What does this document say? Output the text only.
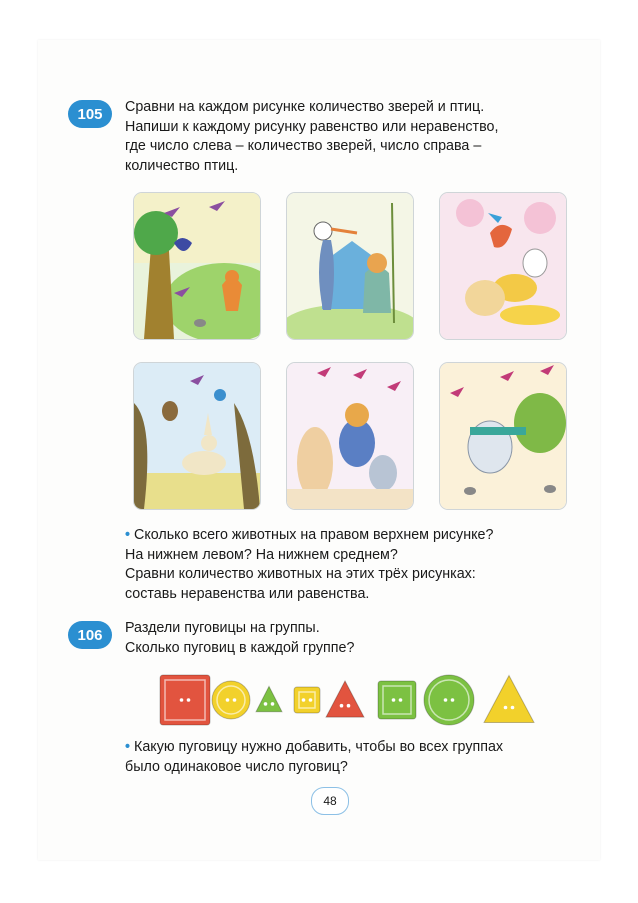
105	Сравни на каждом рисунке количество зверей и птиц.

Напиши к каждому рисунку равенство или неравенство,

где число слева – количество зверей, число справа –

количество птиц.

• Сколько всего животных на правом верхнем рисунке?

На нижнем левом? На нижнем среднем?

Сравни количество животных на этих трёх рисунках:

составь неравенства или равенства.

106	Раздели пуговицы на группы.

Сколько пуговиц в каждой группе?

• Какую пуговицу нужно добавить, чтобы во всех группах

было одинаковое число пуговиц?

48
